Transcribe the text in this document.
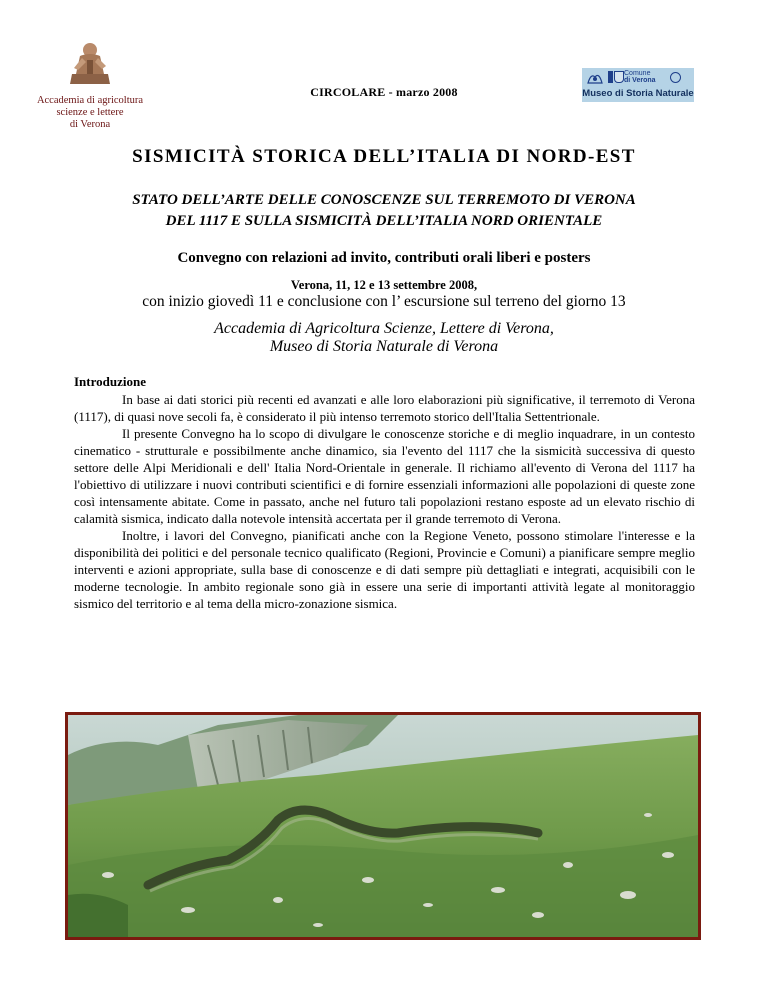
Accademia di agricoltura
scienze e lettere
di Verona
CIRCOLARE - marzo 2008
Comune
di Verona
Museo di Storia Naturale
SISMICITÀ STORICA DELL’ITALIA DI NORD-EST
STATO DELL’ARTE DELLE CONOSCENZE SUL TERREMOTO DI VERONA
DEL 1117 E SULLA SISMICITÀ DELL’ITALIA NORD ORIENTALE
Convegno con relazioni ad invito, contributi orali liberi e posters
Verona, 11, 12 e 13 settembre 2008,
con inizio giovedì 11 e conclusione con l’ escursione sul terreno del giorno 13
Accademia di Agricoltura Scienze, Lettere di Verona,
Museo di Storia Naturale di Verona
Introduzione

In base ai dati storici più recenti ed avanzati e alle loro elaborazioni più significative, il terremoto di Verona (1117), di quasi nove secoli fa, è considerato il più intenso terremoto storico dell'Italia Settentrionale.

Il presente Convegno ha lo scopo di divulgare le conoscenze storiche e di meglio inquadrare, in un contesto cinematico - strutturale e possibilmente anche dinamico, sia l'evento del 1117 che la sismicità successiva di questo settore delle Alpi Meridionali e dell' Italia Nord-Orientale in generale. Il richiamo all'evento di Verona del 1117 ha l'obiettivo di utilizzare i nuovi contributi scientifici e di fornire essenziali informazioni alle popolazioni di queste zone così intensamente abitate. Come in passato, anche nel futuro tali popolazioni restano esposte ad un elevato rischio di calamità sismica, indicato dalla notevole intensità accertata per il grande terremoto di Verona.

Inoltre, i lavori del Convegno, pianificati anche con la Regione Veneto, possono stimolare l'interesse e la disponibilità dei politici e del personale tecnico qualificato (Regioni, Provincie e Comuni) a pianificare sempre meglio interventi e azioni appropriate, sulla base di conoscenze e di dati sempre più dettagliati e integrati, acquisibili con le moderne tecnologie. In ambito regionale sono già in essere una serie di importanti attività legate al monitoraggio sismico del territorio e al tema della micro-zonazione sismica.
